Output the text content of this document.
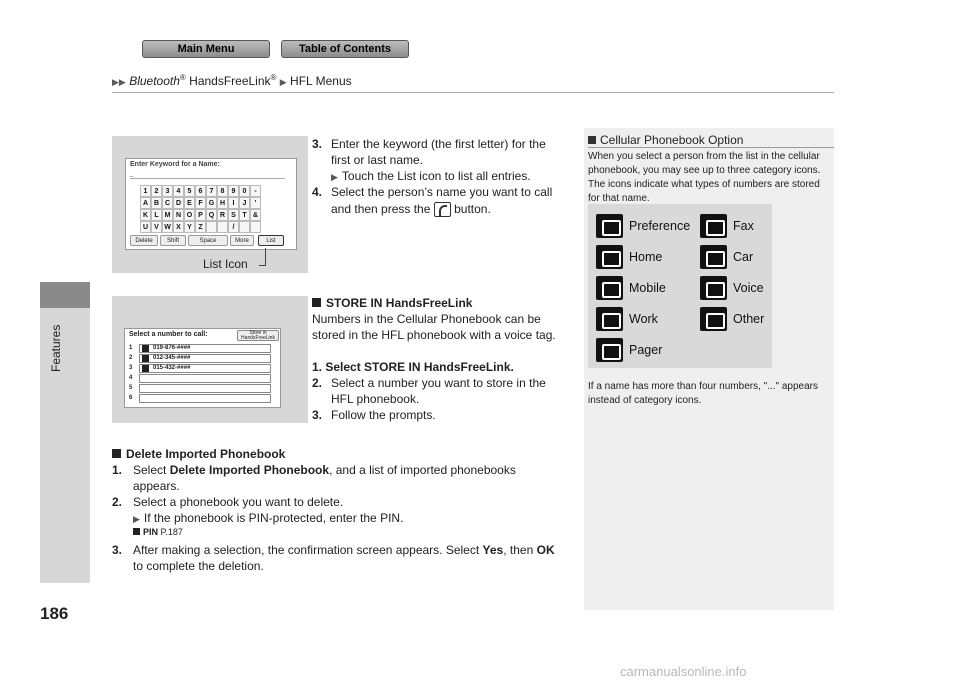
Main Menu	Table of Contents
▶▶ Bluetooth® HandsFreeLink® ▶ HFL Menus
Features
Enter Keyword for a Name:
_
1	2	3	4	5	6	7	8	9	0	-
A B C D E F G H	I	J	'
K L M N O P Q R S T &
U V W X Y Z	/
Delete	Shift	Space	More	List
List Icon
3. Enter the keyword (the first letter) for the
first or last name.
▶ Touch the List icon to list all entries.
4. Select the person’s name you want to call
and then press the button.
Select a number to call:	Store in HandsFreeLink
1	019-876-####
2	012-345-####
3	015-432-####
4
5
6
STORE IN HandsFreeLink
Numbers in the Cellular Phonebook can be
stored in the HFL phonebook with a voice tag.
1. Select STORE IN HandsFreeLink.
2. Select a number you want to store in the
HFL phonebook.
3. Follow the prompts.
Delete Imported Phonebook
1. Select Delete Imported Phonebook, and a list of imported phonebooks
appears.
2. Select a phonebook you want to delete.
▶ If the phonebook is PIN-protected, enter the PIN.
PIN P.187
3. After making a selection, the confirmation screen appears. Select Yes, then OK
to complete the deletion.
Cellular Phonebook Option
When you select a person from the list in the cellular phonebook, you may see up to three category icons. The icons indicate what types of numbers are stored for that name.
Preference	Fax
Home	Car
Mobile	Voice
Work	Other
Pager
If a name has more than four numbers, "..." appears instead of category icons.
186
carmanualsonline.info
